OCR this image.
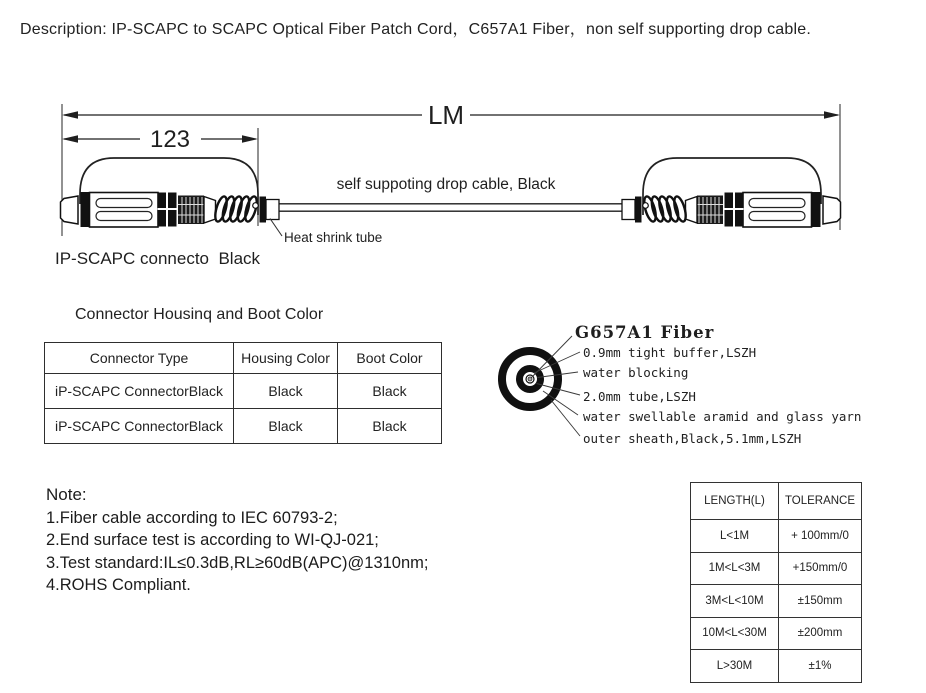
Description: IP-SCAPC to SCAPC Optical Fiber Patch Cord，C657A1 Fiber，non self supporting drop cable.
LM
123
self suppoting drop cable, Black
Heat shrink tube
IP-SCAPC connecto  Black
Connector Housinq and Boot Color
Connector Type	Housing Color	Boot Color
iP-SCAPC ConnectorBlack	Black	Black
iP-SCAPC ConnectorBlack	Black	Black
G657A1 Fiber
0.9mm tight buffer,LSZH
water blocking
2.0mm tube,LSZH
water swellable aramid and glass yarn
outer sheath,Black,5.1mm,LSZH
Note:
1.Fiber cable according to IEC 60793-2;
2.End surface test is according to WI-QJ-021;
3.Test standard:IL≤0.3dB,RL≥60dB(APC)@1310nm;
4.ROHS Compliant.
LENGTH(L)	TOLERANCE
L<1M	+ 100mm/0
1M<L<3M	+150mm/0
3M<L<10M	±150mm
10M<L<30M	±200mm
L>30M	±1%
